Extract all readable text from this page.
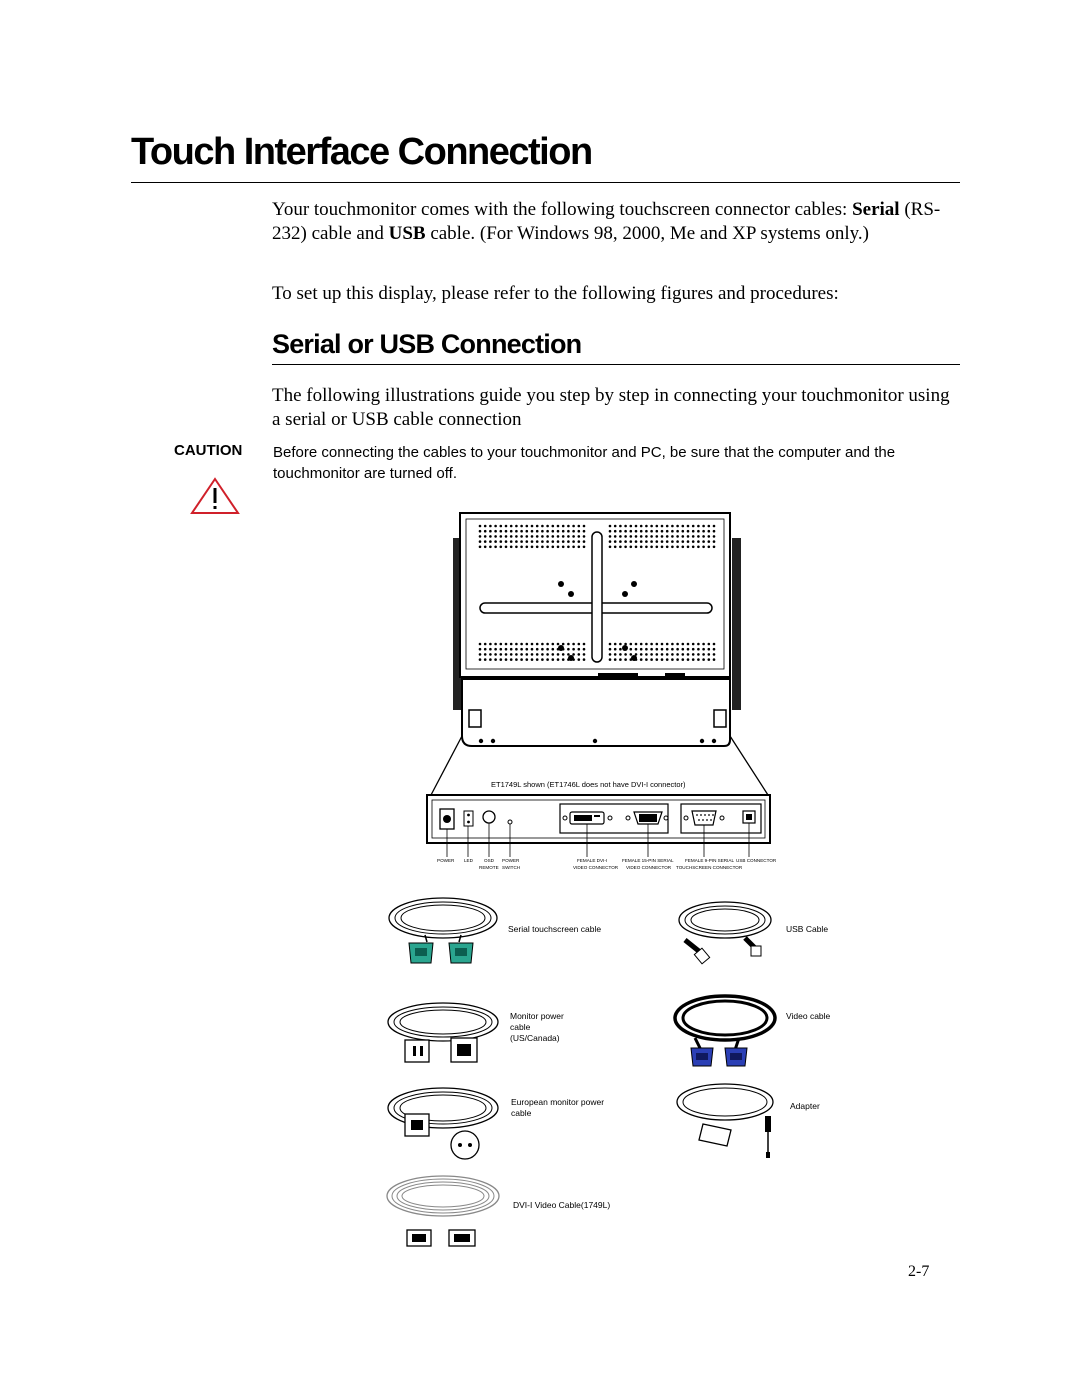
Touch Interface Connection

Your touchmonitor comes with the following touchscreen connector cables: Serial (RS-232) cable and USB cable. (For Windows 98, 2000, Me and XP systems only.)

To set up this display, please refer to the following figures and procedures:

Serial or USB Connection

The following illustrations guide you step by step in connecting your touchmonitor using a serial or USB cable connection

CAUTION Before connecting the cables to your touchmonitor and PC, be sure that the computer and the touchmonitor are turned off.

ET1749L shown (ET1746L does not have DVI-I connector)
POWER LED OSD
REMOTE
POWER
SWITCH
FEMALE DVI-I
VIDEO CONNECTOR
FEMALE 15-PIN SERIAL
VIDEO CONNECTOR
FEMALE 9-PIN SERIAL
TOUCHSCREEN CONNECTOR
USB CONNECTOR
Serial touchscreen cable	USB Cable
Monitor power cable (US/Canada)
Video cable
European monitor power cable
Adapter
DVI-I Video Cable(1749L)
2-7
